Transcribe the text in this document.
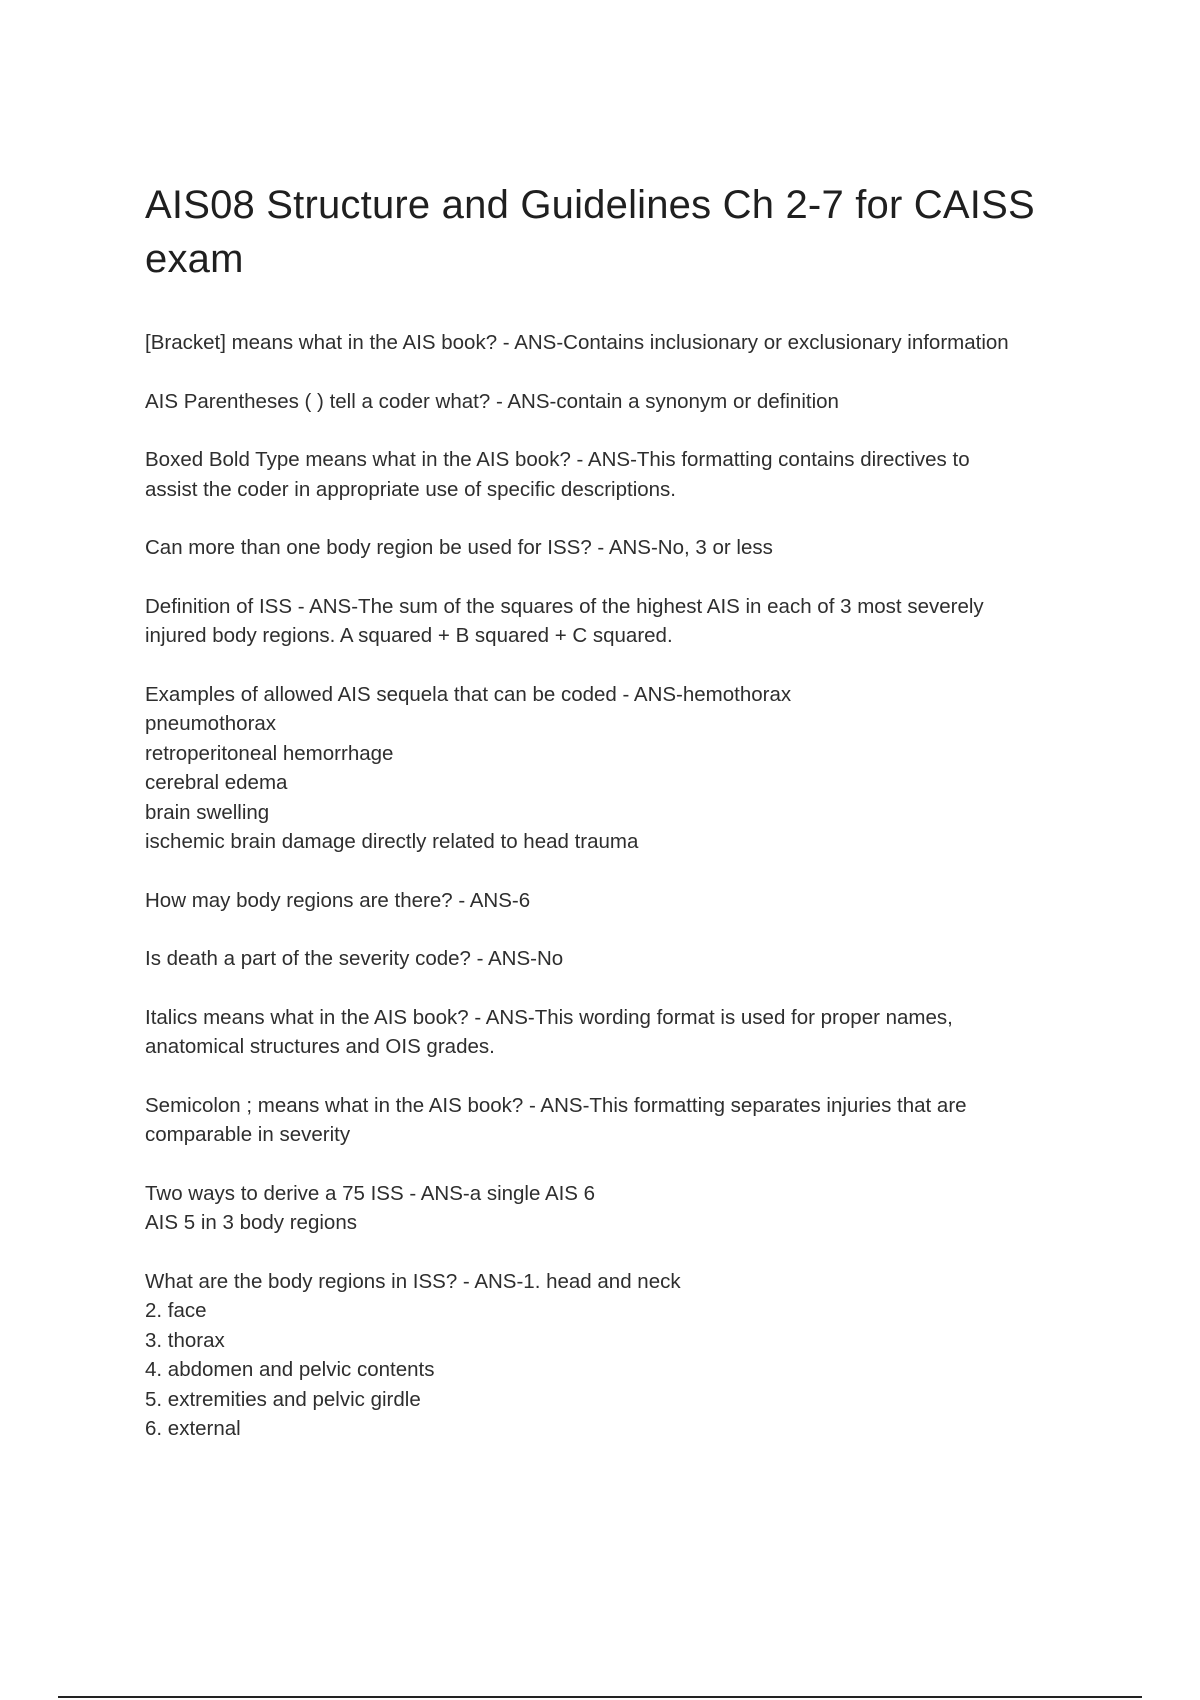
AIS08 Structure and Guidelines Ch 2-7 for CAISS
exam

[Bracket] means what in the AIS book? - ANS-Contains inclusionary or exclusionary information

AIS Parentheses ( ) tell a coder what? - ANS-contain a synonym or definition

Boxed Bold Type means what in the AIS book? - ANS-This formatting contains directives to
assist the coder in appropriate use of specific descriptions.

Can more than one body region be used for ISS? - ANS-No, 3 or less

Definition of ISS - ANS-The sum of the squares of the highest AIS in each of 3 most severely
injured body regions. A squared + B squared + C squared.

Examples of allowed AIS sequela that can be coded - ANS-hemothorax
pneumothorax
retroperitoneal hemorrhage
cerebral edema
brain swelling
ischemic brain damage directly related to head trauma

How may body regions are there? - ANS-6

Is death a part of the severity code? - ANS-No

Italics means what in the AIS book? - ANS-This wording format is used for proper names,
anatomical structures and OIS grades.

Semicolon ; means what in the AIS book? - ANS-This formatting separates injuries that are
comparable in severity

Two ways to derive a 75 ISS - ANS-a single AIS 6
AIS 5 in 3 body regions

What are the body regions in ISS? - ANS-1. head and neck
2. face
3. thorax
4. abdomen and pelvic contents
5. extremities and pelvic girdle
6. external
